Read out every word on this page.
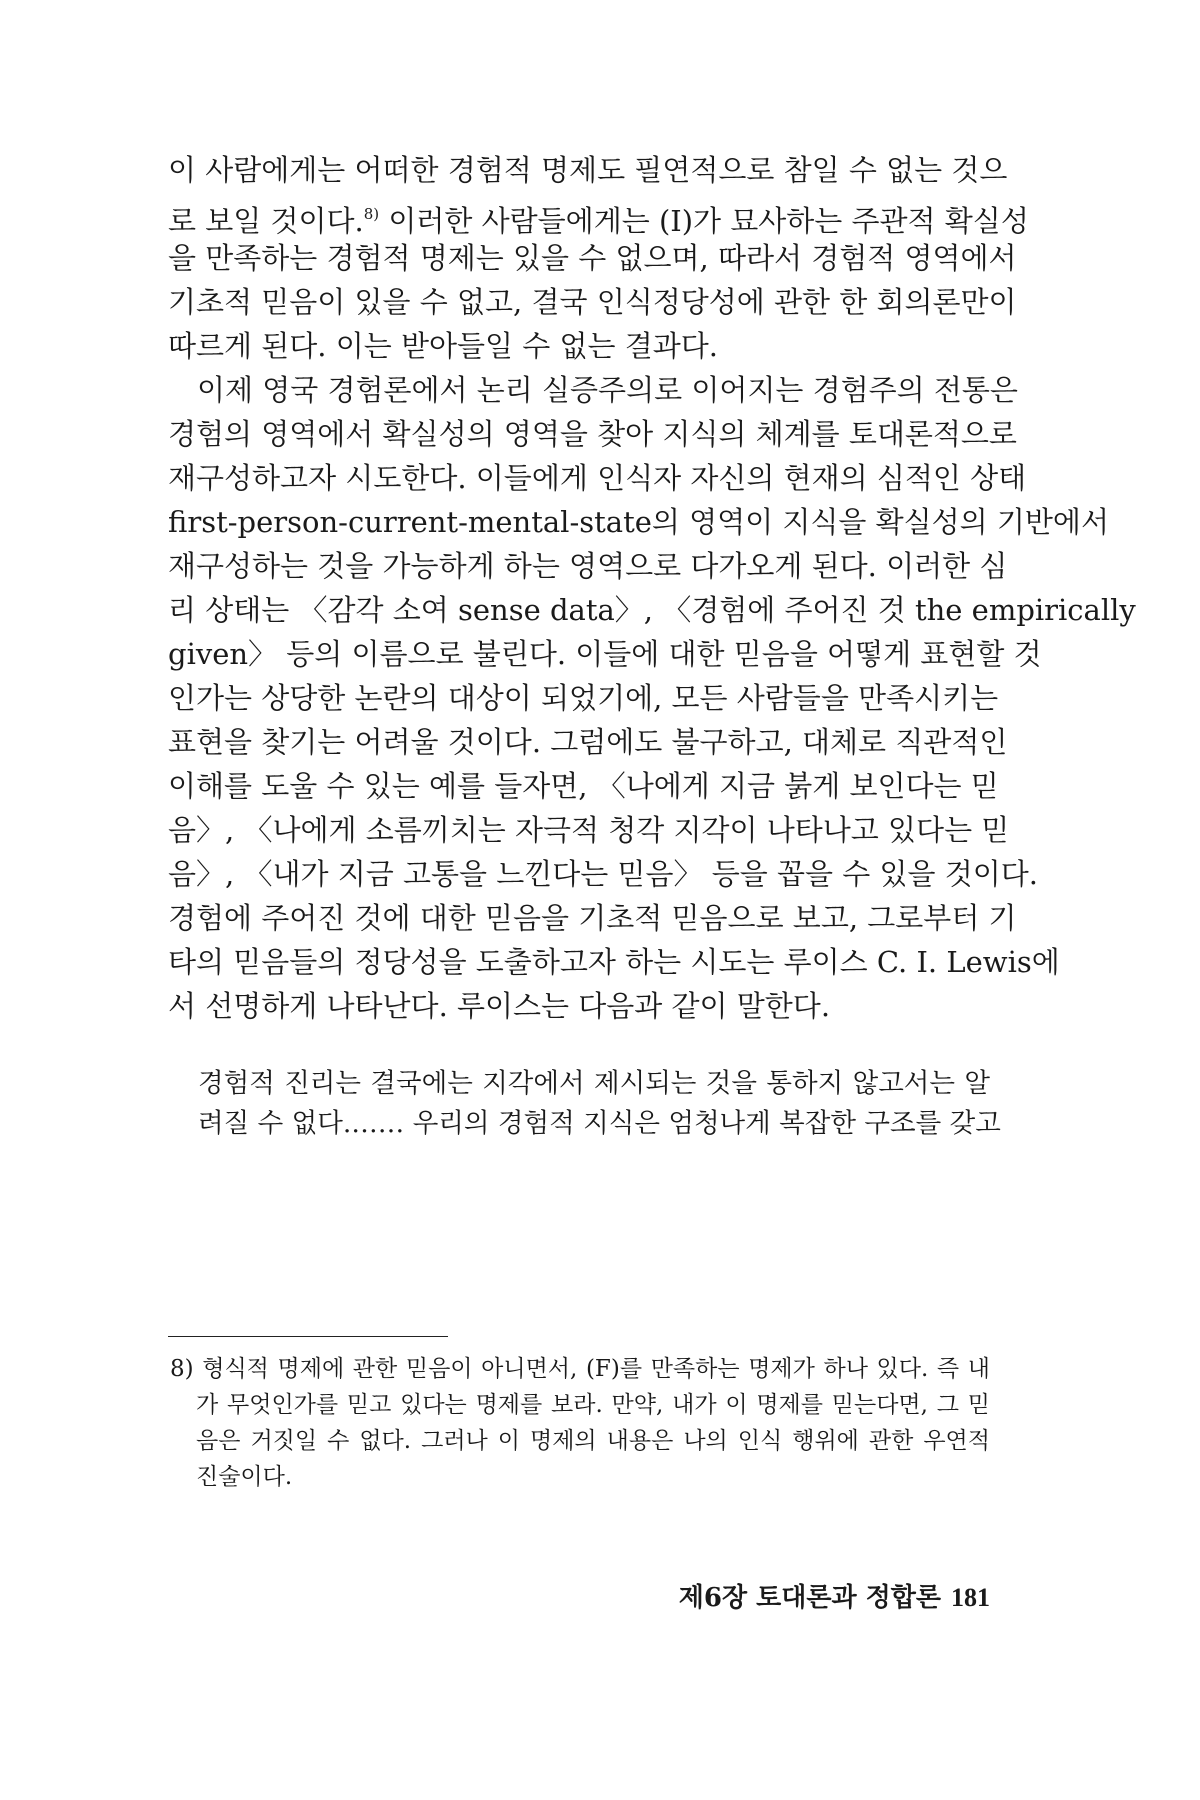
이 사람에게는 어떠한 경험적 명제도 필연적으로 참일 수 없는 것으
로 보일 것이다.$^{8)}$ 이러한 사람들에게는 (I)가 묘사하는 주관적 확실성
을 만족하는 경험적 명제는 있을 수 없으며, 따라서 경험적 영역에서
기초적 믿음이 있을 수 없고, 결국 인식정당성에 관한 한 회의론만이
따르게 된다. 이는 받아들일 수 없는 결과다.
이제 영국 경험론에서 논리 실증주의로 이어지는 경험주의 전통은
경험의 영역에서 확실성의 영역을 찾아 지식의 체계를 토대론적으로
재구성하고자 시도한다. 이들에게 인식자 자신의 현재의 심적인 상태
first-person-current-mental-state의 영역이 지식을 확실성의 기반에서
재구성하는 것을 가능하게 하는 영역으로 다가오게 된다. 이러한 심
리 상태는 〈감각 소여 sense data〉, 〈경험에 주어진 것 the empirically
given〉 등의 이름으로 불린다. 이들에 대한 믿음을 어떻게 표현할 것
인가는 상당한 논란의 대상이 되었기에, 모든 사람들을 만족시키는
표현을 찾기는 어려울 것이다. 그럼에도 불구하고, 대체로 직관적인
이해를 도울 수 있는 예를 들자면, 〈나에게 지금 붉게 보인다는 믿
음〉, 〈나에게 소름끼치는 자극적 청각 지각이 나타나고 있다는 믿
음〉, 〈내가 지금 고통을 느낀다는 믿음〉 등을 꼽을 수 있을 것이다.
경험에 주어진 것에 대한 믿음을 기초적 믿음으로 보고, 그로부터 기
타의 믿음들의 정당성을 도출하고자 하는 시도는 루이스 C. I. Lewis에
서 선명하게 나타난다. 루이스는 다음과 같이 말한다.
경험적 진리는 결국에는 지각에서 제시되는 것을 통하지 않고서는 알
려질 수 없다.…… 우리의 경험적 지식은 엄청나게 복잡한 구조를 갖고
8) 형식적 명제에 관한 믿음이 아니면서, (F)를 만족하는 명제가 하나 있다. 즉 내
가 무엇인가를 믿고 있다는 명제를 보라. 만약, 내가 이 명제를 믿는다면, 그 믿
음은 거짓일 수 없다. 그러나 이 명제의 내용은 나의 인식 행위에 관한 우연적
진술이다.
제6장 토대론과 정합론 181
